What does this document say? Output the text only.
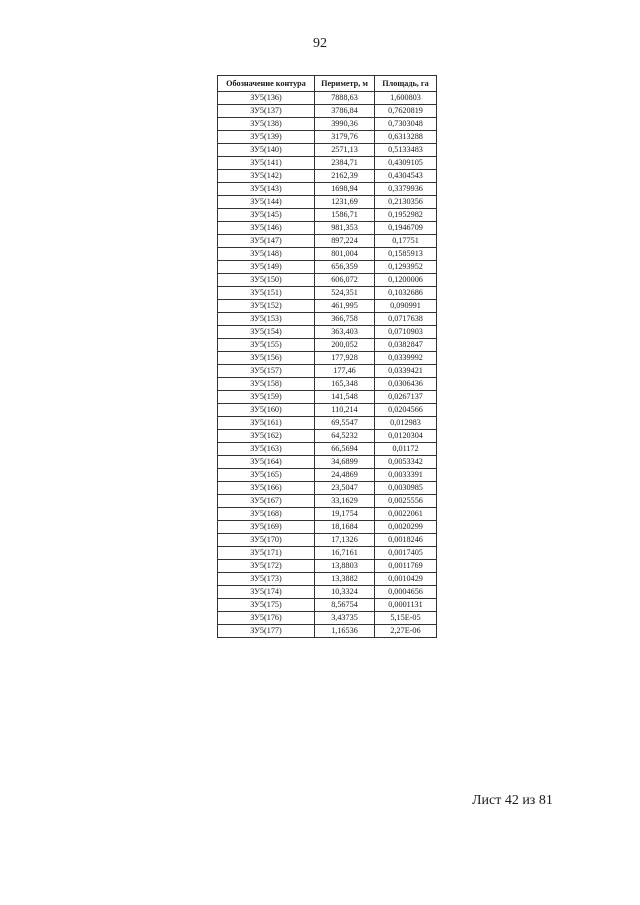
92
Обозначение контура	Периметр, м	Площадь, га
ЗУ5(136)	7888,63	1,600803
ЗУ5(137)	3786,84	0,7620819
ЗУ5(138)	3990,36	0,7303048
ЗУ5(139)	3179,76	0,6313288
ЗУ5(140)	2571,13	0,5133483
ЗУ5(141)	2384,71	0,4309105
ЗУ5(142)	2162,39	0,4304543
ЗУ5(143)	1698,94	0,3379936
ЗУ5(144)	1231,69	0,2130356
ЗУ5(145)	1586,71	0,1952982
ЗУ5(146)	981,353	0,1946709
ЗУ5(147)	897,224	0,17751
ЗУ5(148)	801,004	0,1585913
ЗУ5(149)	656,359	0,1293952
ЗУ5(150)	606,072	0,1200006
ЗУ5(151)	524,351	0,1032686
ЗУ5(152)	461,995	0,090991
ЗУ5(153)	366,758	0,0717638
ЗУ5(154)	363,403	0,0710903
ЗУ5(155)	200,052	0,0382847
ЗУ5(156)	177,928	0,0339992
ЗУ5(157)	177,46	0,0339421
ЗУ5(158)	165,348	0,0306436
ЗУ5(159)	141,548	0,0267137
ЗУ5(160)	110,214	0,0204566
ЗУ5(161)	69,5547	0,012983
ЗУ5(162)	64,5232	0,0120304
ЗУ5(163)	66,5694	0,01172
ЗУ5(164)	34,6899	0,0053342
ЗУ5(165)	24,4869	0,0033391
ЗУ5(166)	23,5047	0,0030985
ЗУ5(167)	33,1629	0,0025556
ЗУ5(168)	19,1754	0,0022061
ЗУ5(169)	18,1684	0,0020299
ЗУ5(170)	17,1326	0,0018246
ЗУ5(171)	16,7161	0,0017405
ЗУ5(172)	13,8803	0,0011769
ЗУ5(173)	13,3882	0,0010429
ЗУ5(174)	10,3324	0,0004656
ЗУ5(175)	8,56754	0,0001131
ЗУ5(176)	3,43735	5,15E-05
ЗУ5(177)	1,16536	2,27E-06
Лист 42 из 81
